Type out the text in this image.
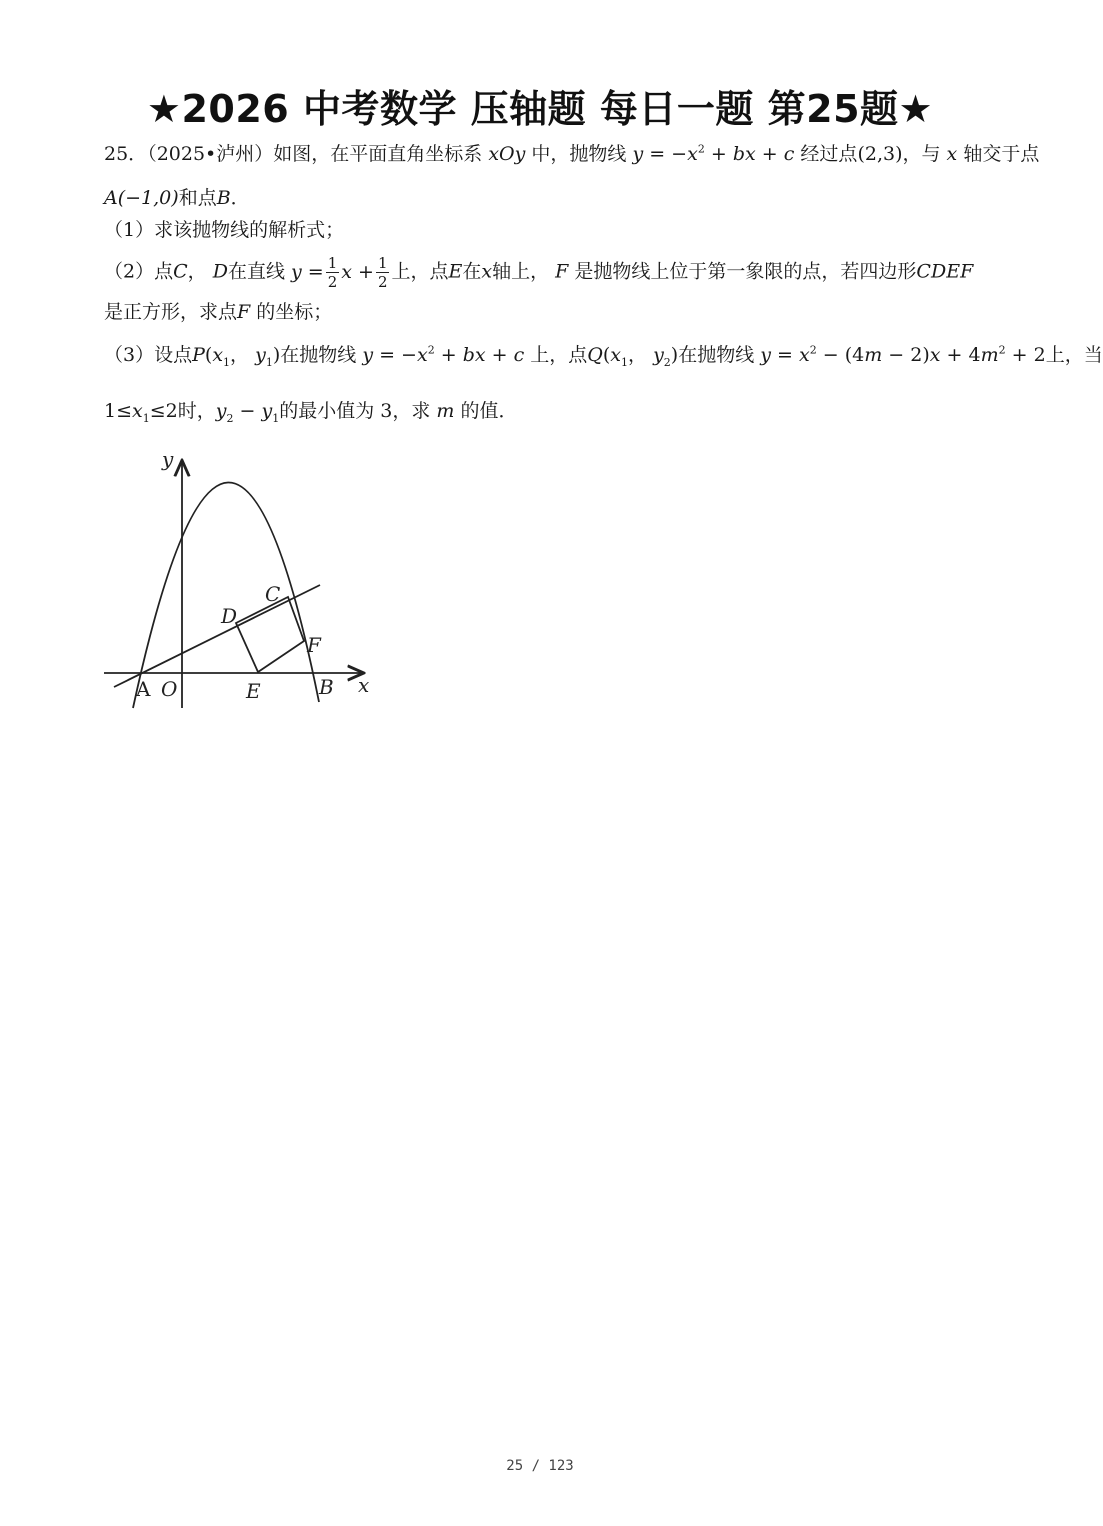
★2026 中考数学 压轴题 每日一题 第25题★
25．（2025•泸州）如图，在平面直角坐标系 xOy 中，抛物线 $y = -x^2$ + bx + c 经过点(2,3)，与 x 轴交于点
A(−1,0)和点B．
（1）求该抛物线的解析式；
（2）点C， D在直线 $y = \frac{1}{2}$ $x + \frac{1}{2}$ 上，点E在x轴上， F 是抛物线上位于第一象限的点，若四边形CDEF
是正方形，求点F 的坐标；
（3）设点$P(x_1$， $y_1$)在抛物线 $y = -x^2$ + bx + c 上，点$Q(x_1$， $y_2$)在抛物线 $y = x^2 - (4m - 2)x + 4m^2 + 2$上，当
$1\le x_1\le 2$时，$y_2 - y_1$的最小值为 3，求 m 的值．
y
x
A O	E	B
C
D
F
25 / 123
